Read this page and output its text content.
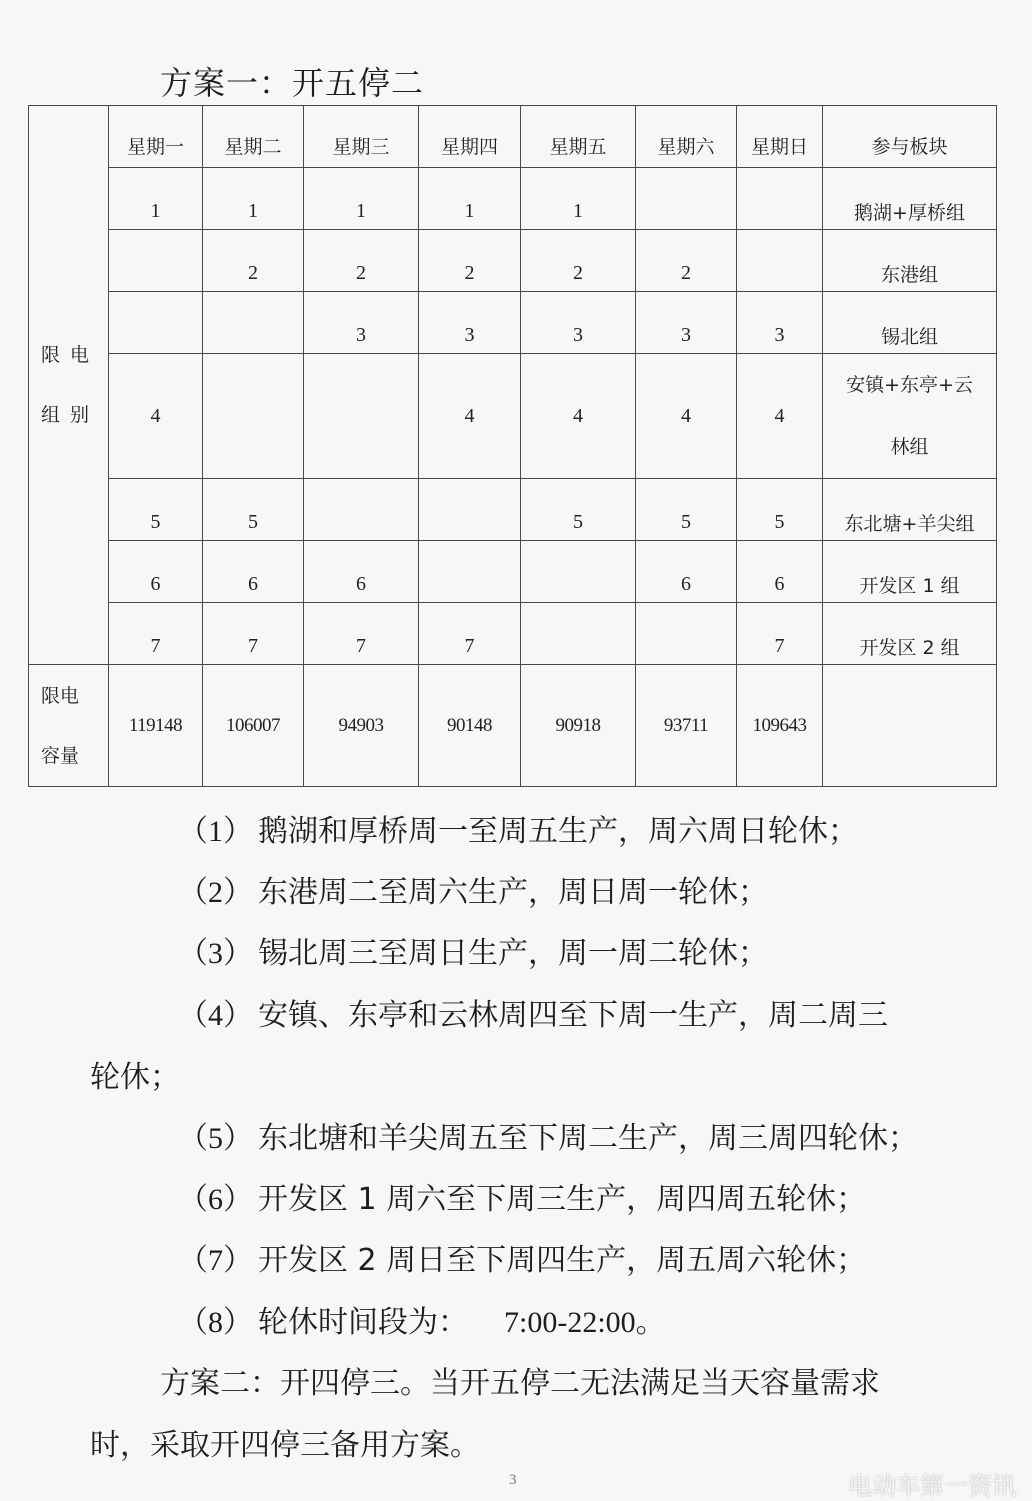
方案一：开五停二
限 电
组 别	星期一	星期二	星期三	星期四	星期五	星期六	星期日	参与板块
	1	1	1	1	1			鹅湖+厚桥组
		2	2	2	2	2		东港组
			3	3	3	3	3	锡北组
	4			4	4	4	4	安镇+东亭+云
林组

	5	5			5	5	5	东北塘+羊尖组
	6	6	6			6	6	开发区 1 组
	7	7	7	7			7	开发区 2 组

限电
容量	119148	106007	94903	90148	90918	93711	109643	
（1） 鹅湖和厚桥周一至周五生产，周六周日轮休；
（2） 东港周二至周六生产，周日周一轮休；
（3） 锡北周三至周日生产，周一周二轮休；
（4） 安镇、东亭和云林周四至下周一生产，周二周三
轮休；
（5） 东北塘和羊尖周五至下周二生产，周三周四轮休；
（6） 开发区 1 周六至下周三生产，周四周五轮休；
（7） 开发区 2 周日至下周四生产，周五周六轮休；
（8） 轮休时间段为： 7:00-22:00。
方案二：开四停三。当开五停二无法满足当天容量需求
时，采取开四停三备用方案。
3	电动车第一资讯
